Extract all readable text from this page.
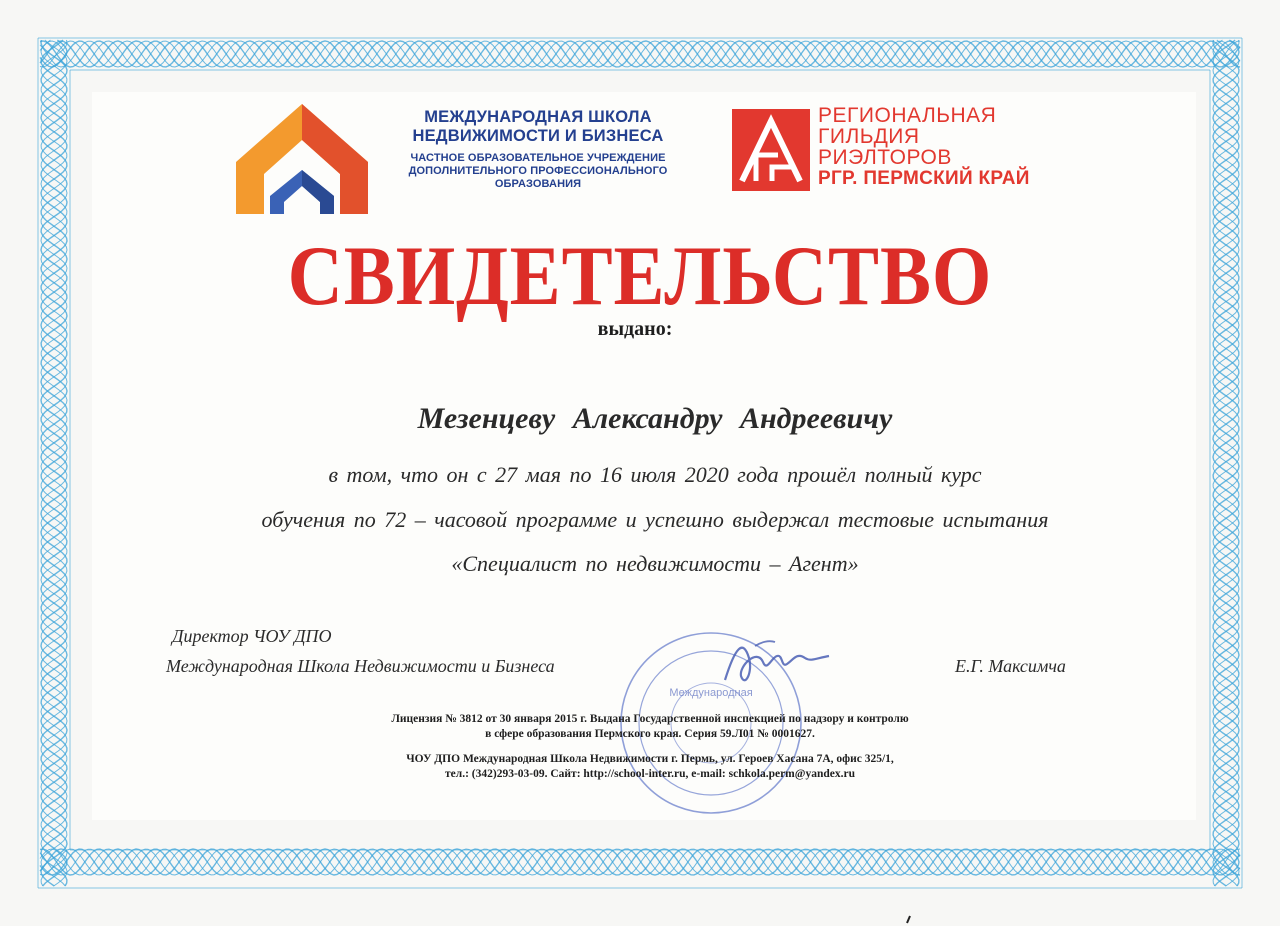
МЕЖДУНАРОДНАЯ ШКОЛА
НЕДВИЖИМОСТИ И БИЗНЕСА
ЧАСТНОЕ ОБРАЗОВАТЕЛЬНОЕ УЧРЕЖДЕНИЕ
ДОПОЛНИТЕЛЬНОГО ПРОФЕССИОНАЛЬНОГО
ОБРАЗОВАНИЯ
РЕГИОНАЛЬНАЯ
ГИЛЬДИЯ
РИЭЛТОРОВ
РГР. ПЕРМСКИЙ КРАЙ
СВИДЕТЕЛЬСТВО
выдано:
Мезенцеву Александру Андреевичу
в том, что он с 27 мая по 16 июля 2020 года прошёл полный курс
обучения по 72 – часовой программе и успешно выдержал тестовые испытания
«Специалист по недвижимости – Агент»
Директор ЧОУ ДПО
Международная Школа Недвижимости и Бизнеса	Е.Г. Максимча
Международная
Лицензия № 3812 от 30 января 2015 г. Выдана Государственной инспекцией по надзору и контролю
в сфере образования Пермского края. Серия 59.Л01 № 0001627.
ЧОУ ДПО Международная Школа Недвижимости г. Пермь, ул. Героев Хасана 7А, офис 325/1,
тел.: (342)293-03-09. Сайт: http://school-inter.ru, e-mail: schkola.perm@yandex.ru
